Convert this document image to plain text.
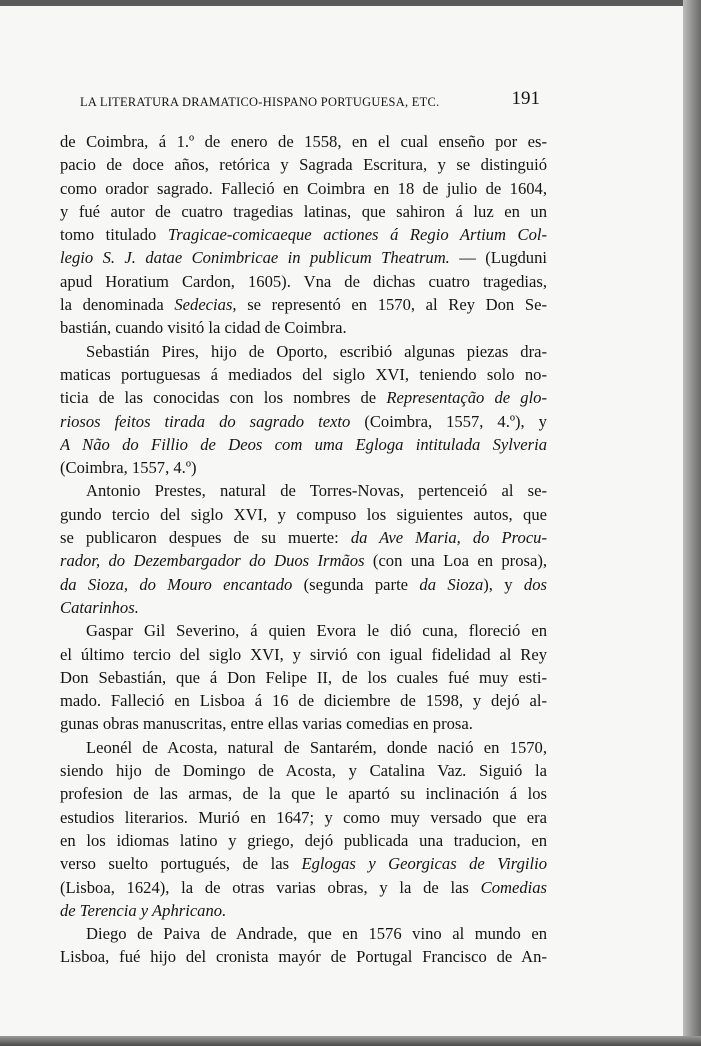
LA LITERATURA DRAMATICO-HISPANO PORTUGUESA, ETC.	191
de Coimbra, á 1.º de enero de 1558, en el cual enseño por es-
pacio de doce años, retórica y Sagrada Escritura, y se distinguió
como orador sagrado. Falleció en Coimbra en 18 de julio de 1604,
y fué autor de cuatro tragedias latinas, que sahiron á luz en un
tomo titulado Tragicae-comicaeque actiones á Regio Artium Col-
legio S. J. datae Conimbricae in publicum Theatrum. — (Lugduni
apud Horatium Cardon, 1605). Vna de dichas cuatro tragedias,
la denominada Sedecias, se representó en 1570, al Rey Don Se-
bastián, cuando visitó la cidad de Coimbra.
Sebastián Pires, hijo de Oporto, escribió algunas piezas dra-
maticas portuguesas á mediados del siglo XVI, teniendo solo no-
ticia de las conocidas con los nombres de Representação de glo-
riosos feitos tirada do sagrado texto (Coimbra, 1557, 4.º), y
A Não do Fillio de Deos com uma Egloga intitulada Sylveria
(Coimbra, 1557, 4.º)
Antonio Prestes, natural de Torres-Novas, pertenceió al se-
gundo tercio del siglo XVI, y compuso los siguientes autos, que
se publicaron despues de su muerte: da Ave Maria, do Procu-
rador, do Dezembargador do Duos Irmãos (con una Loa en prosa),
da Sioza, do Mouro encantado (segunda parte da Sioza), y dos
Catarinhos.
Gaspar Gil Severino, á quien Evora le dió cuna, floreció en
el último tercio del siglo XVI, y sirvió con igual fidelidad al Rey
Don Sebastián, que á Don Felipe II, de los cuales fué muy esti-
mado. Falleció en Lisboa á 16 de diciembre de 1598, y dejó al-
gunas obras manuscritas, entre ellas varias comedias en prosa.
Leonél de Acosta, natural de Santarém, donde nació en 1570,
siendo hijo de Domingo de Acosta, y Catalina Vaz. Siguió la
profesion de las armas, de la que le apartó su inclinación á los
estudios literarios. Murió en 1647; y como muy versado que era
en los idiomas latino y griego, dejó publicada una traducion, en
verso suelto portugués, de las Eglogas y Georgicas de Virgilio
(Lisboa, 1624), la de otras varias obras, y la de las Comedias
de Terencia y Aphricano.
Diego de Paiva de Andrade, que en 1576 vino al mundo en
Lisboa, fué hijo del cronista mayór de Portugal Francisco de An-
